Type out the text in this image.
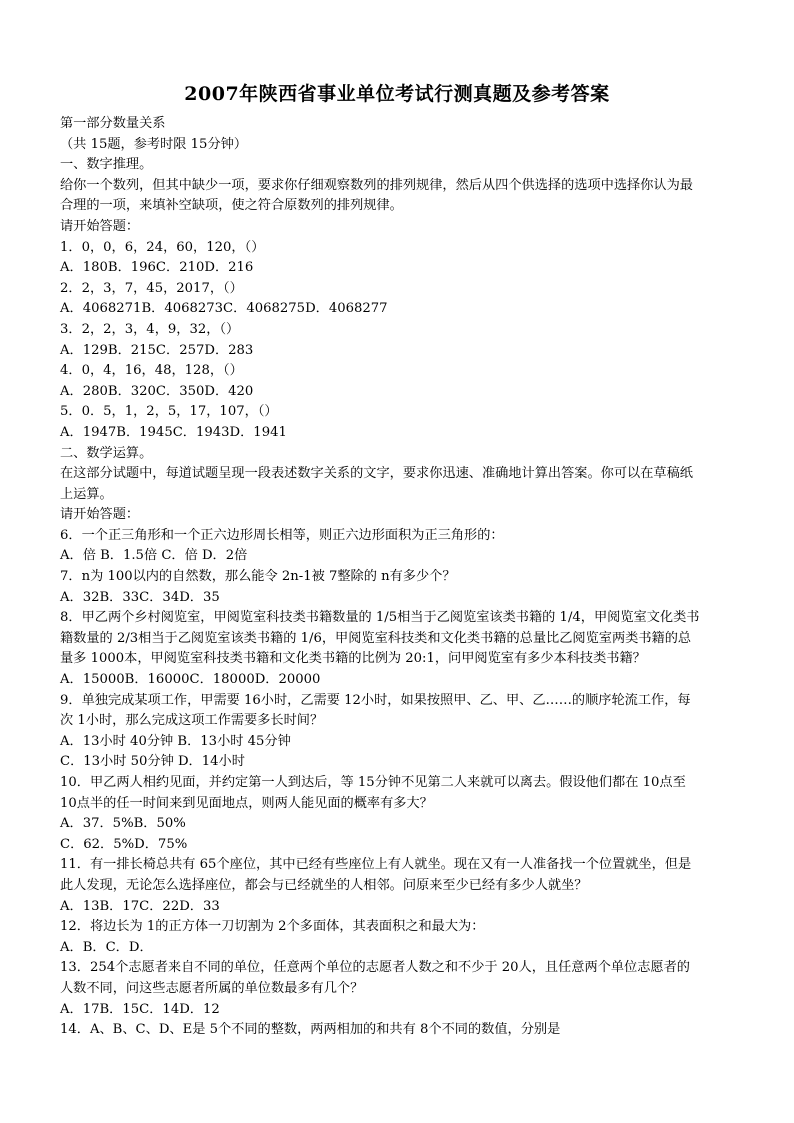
2007年陕西省事业单位考试行测真题及参考答案
第一部分数量关系
（共 15题，参考时限 15分钟）
一、数字推理。
给你一个数列，但其中缺少一项，要求你仔细观察数列的排列规律，然后从四个供选择的选项中选择你认为最
合理的一项，来填补空缺项，使之符合原数列的排列规律。
请开始答题：
1．0，0，6，24，60，120，（）
A．180B．196C．210D．216
2．2，3，7，45，2017，（）
A．4068271B．4068273C．4068275D．4068277
3．2，2，3，4，9，32，（）
A．129B．215C．257D．283
4．0，4，16，48，128，（）
A．280B．320C．350D．420
5．0．5，1，2，5，17，107，（）
A．1947B．1945C．1943D．1941
二、数学运算。
在这部分试题中，每道试题呈现一段表述数字关系的文字，要求你迅速、准确地计算出答案。你可以在草稿纸
上运算。
请开始答题：
6．一个正三角形和一个正六边形周长相等，则正六边形面积为正三角形的：
A．倍 B．1.5倍 C．倍 D．2倍
7．n为 100以内的自然数，那么能令 2n-1被 7整除的 n有多少个？
A．32B．33C．34D．35
8．甲乙两个乡村阅览室，甲阅览室科技类书籍数量的 1/5相当于乙阅览室该类书籍的 1/4，甲阅览室文化类书
籍数量的 2/3相当于乙阅览室该类书籍的 1/6，甲阅览室科技类和文化类书籍的总量比乙阅览室两类书籍的总
量多 1000本，甲阅览室科技类书籍和文化类书籍的比例为 20:1，问甲阅览室有多少本科技类书籍？
A．15000B．16000C．18000D．20000
9．单独完成某项工作，甲需要 16小时，乙需要 12小时，如果按照甲、乙、甲、乙……的顺序轮流工作，每
次 1小时，那么完成这项工作需要多长时间？
A．13小时 40分钟 B．13小时 45分钟
C．13小时 50分钟 D．14小时
10．甲乙两人相约见面，并约定第一人到达后，等 15分钟不见第二人来就可以离去。假设他们都在 10点至
10点半的任一时间来到见面地点，则两人能见面的概率有多大？
A．37．5%B．50%
C．62．5%D．75%
11．有一排长椅总共有 65个座位，其中已经有些座位上有人就坐。现在又有一人准备找一个位置就坐，但是
此人发现，无论怎么选择座位，都会与已经就坐的人相邻。问原来至少已经有多少人就坐？
A．13B．17C．22D．33
12．将边长为 1的正方体一刀切割为 2个多面体，其表面积之和最大为：
A．B．C．D．
13．254个志愿者来自不同的单位，任意两个单位的志愿者人数之和不少于 20人，且任意两个单位志愿者的
人数不同，问这些志愿者所属的单位数最多有几个？
A．17B．15C．14D．12
14．A、B、C、D、E是 5个不同的整数，两两相加的和共有 8个不同的数值，分别是
